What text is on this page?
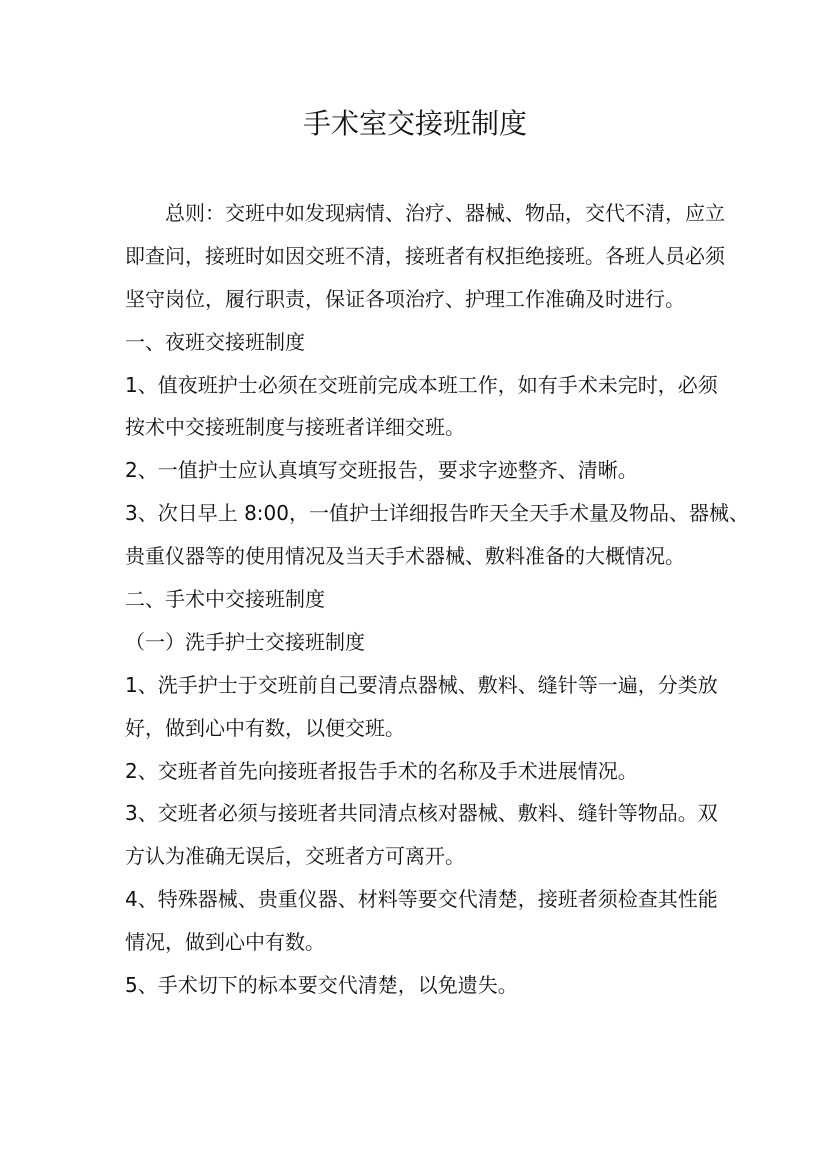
手术室交接班制度
总则：交班中如发现病情、治疗、器械、物品，交代不清，应立
即查问，接班时如因交班不清，接班者有权拒绝接班。各班人员必须
坚守岗位，履行职责，保证各项治疗、护理工作准确及时进行。
一、夜班交接班制度
1、值夜班护士必须在交班前完成本班工作，如有手术未完时，必须
按术中交接班制度与接班者详细交班。
2、一值护士应认真填写交班报告，要求字迹整齐、清晰。
3、次日早上 8:00，一值护士详细报告昨天全天手术量及物品、器械、
贵重仪器等的使用情况及当天手术器械、敷料准备的大概情况。
二、手术中交接班制度
（一）洗手护士交接班制度
1、洗手护士于交班前自己要清点器械、敷料、缝针等一遍，分类放
好，做到心中有数，以便交班。
2、交班者首先向接班者报告手术的名称及手术进展情况。
3、交班者必须与接班者共同清点核对器械、敷料、缝针等物品。双
方认为准确无误后，交班者方可离开。
4、特殊器械、贵重仪器、材料等要交代清楚，接班者须检查其性能
情况，做到心中有数。
5、手术切下的标本要交代清楚，以免遗失。
